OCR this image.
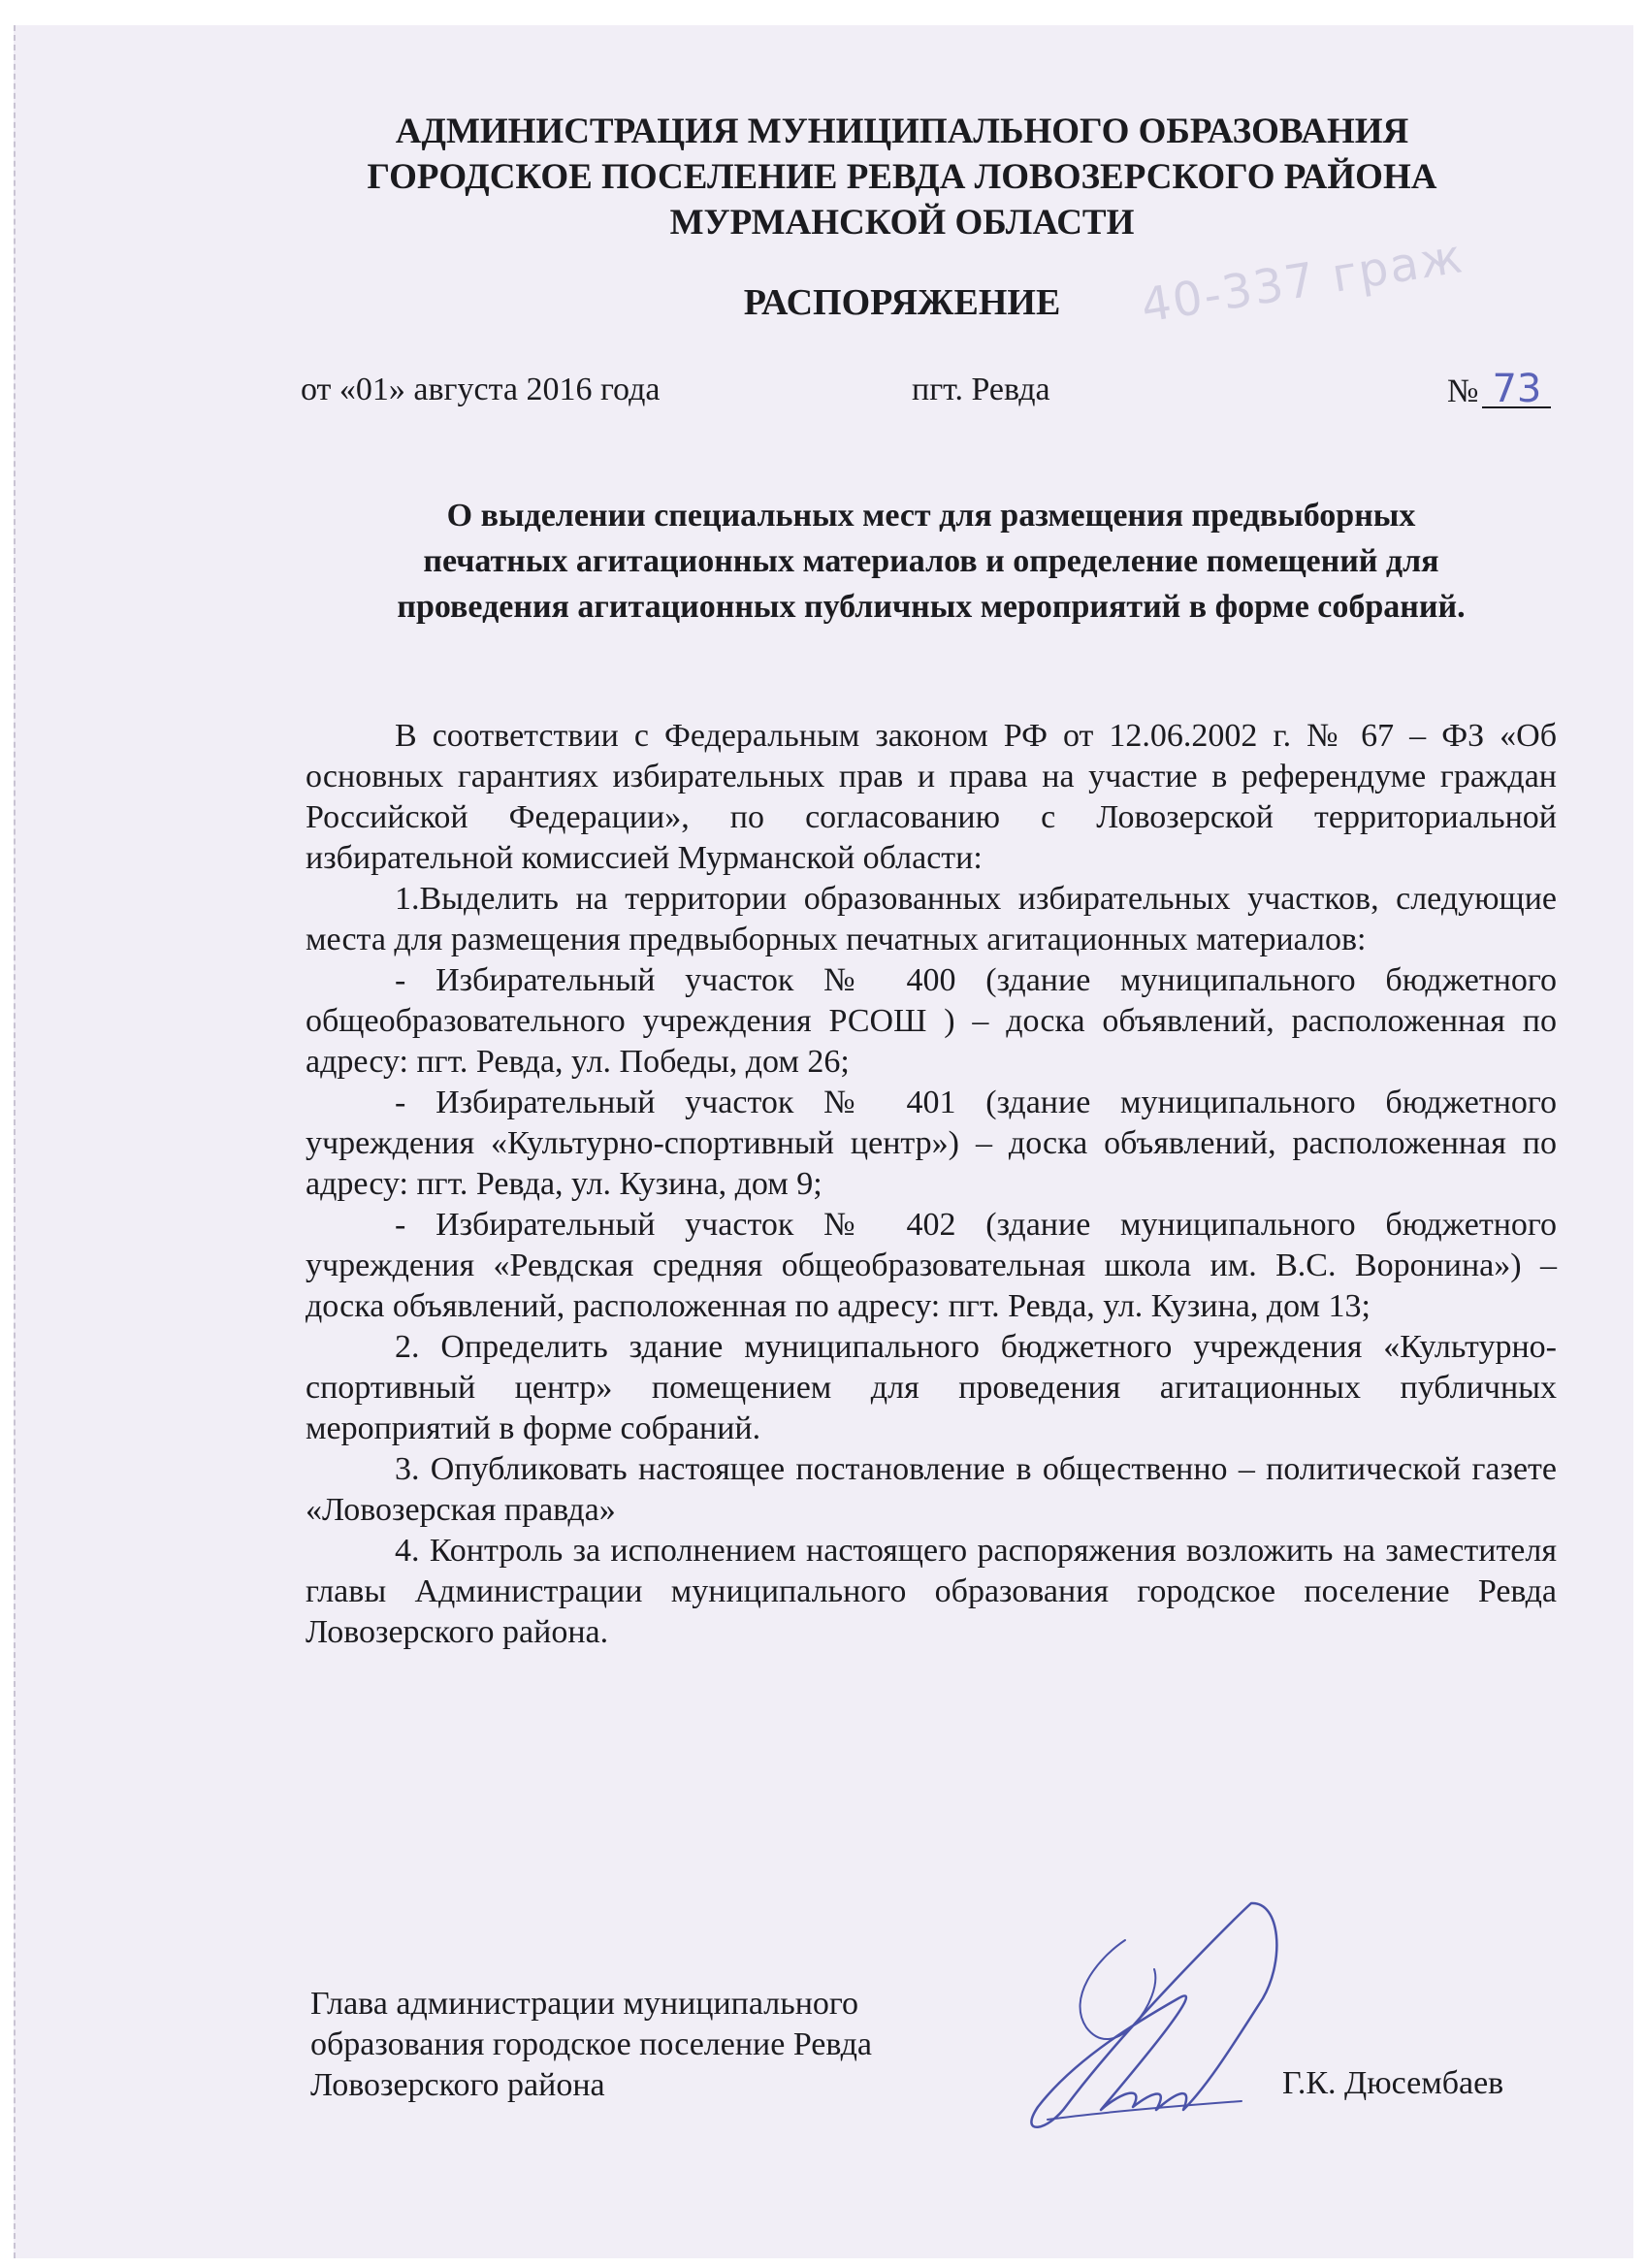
АДМИНИСТРАЦИЯ МУНИЦИПАЛЬНОГО ОБРАЗОВАНИЯ
ГОРОДСКОЕ ПОСЕЛЕНИЕ РЕВДА ЛОВОЗЕРСКОГО РАЙОНА
МУРМАНСКОЙ ОБЛАСТИ
РАСПОРЯЖЕНИЕ	40-337 граж
от «01» августа 2016 года	пгт. Ревда	№ 73
О выделении специальных мест для размещения предвыборных
печатных агитационных материалов и определение помещений для
проведения агитационных публичных мероприятий в форме собраний.

В соответствии с Федеральным законом РФ от 12.06.2002 г. № 67 – ФЗ «Об основных гарантиях избирательных прав и права на участие в референдуме граждан Российской Федерации», по согласованию с Ловозерской территориальной избирательной комиссией Мурманской области:

1.Выделить на территории образованных избирательных участков, следующие места для размещения предвыборных печатных агитационных материалов:

- Избирательный участок № 400 (здание муниципального бюджетного общеобразовательного учреждения РСОШ ) – доска объявлений, расположенная по адресу: пгт. Ревда, ул. Победы, дом 26;

- Избирательный участок № 401 (здание муниципального бюджетного учреждения «Культурно-спортивный центр») – доска объявлений, расположенная по адресу: пгт. Ревда, ул. Кузина, дом 9;

- Избирательный участок № 402 (здание муниципального бюджетного учреждения «Ревдская средняя общеобразовательная школа им. В.С. Воронина») – доска объявлений, расположенная по адресу: пгт. Ревда, ул. Кузина, дом 13;

2. Определить здание муниципального бюджетного учреждения «Культурно-спортивный центр» помещением для проведения агитационных публичных мероприятий в форме собраний.

3. Опубликовать настоящее постановление в общественно – политической газете «Ловозерская правда»

4. Контроль за исполнением настоящего распоряжения возложить на заместителя главы Администрации муниципального образования городское поселение Ревда Ловозерского района.

Глава администрации муниципального
образования городское поселение Ревда
Ловозерского района	Г.К. Дюсембаев
